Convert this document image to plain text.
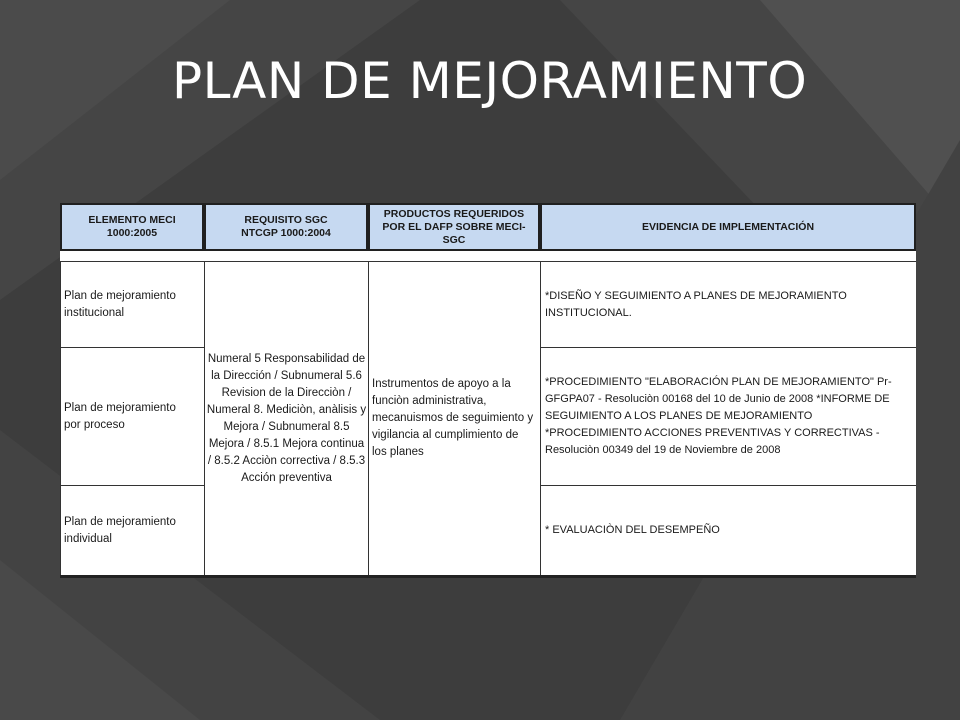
PLAN DE MEJORAMIENTO
ELEMENTO MECI 1000:2005
REQUISITO SGC NTCGP 1000:2004
PRODUCTOS REQUERIDOS POR EL DAFP SOBRE MECI-SGC
EVIDENCIA DE IMPLEMENTACIÓN
Plan de mejoramiento institucional
Plan de mejoramiento por proceso
Plan de mejoramiento individual
Numeral 5 Responsabilidad de la Dirección / Subnumeral 5.6 Revision de la Direcciòn / Numeral 8. Mediciòn, anàlisis y Mejora / Subnumeral 8.5 Mejora / 8.5.1 Mejora continua / 8.5.2 Acciòn correctiva / 8.5.3 Acción preventiva
Instrumentos de apoyo a la funciòn administrativa, mecanuismos de seguimiento y vigilancia al cumplimiento de los planes
*DISEÑO Y SEGUIMIENTO A PLANES DE MEJORAMIENTO INSTITUCIONAL.
*PROCEDIMIENTO "ELABORACIÓN PLAN DE MEJORAMIENTO" Pr-GFGPA07 - Resoluciòn 00168 del 10 de Junio de 2008 *INFORME DE SEGUIMIENTO A LOS PLANES DE MEJORAMIENTO *PROCEDIMIENTO ACCIONES PREVENTIVAS Y CORRECTIVAS - Resoluciòn 00349 del 19 de Noviembre de 2008
* EVALUACIÒN DEL DESEMPEÑO
